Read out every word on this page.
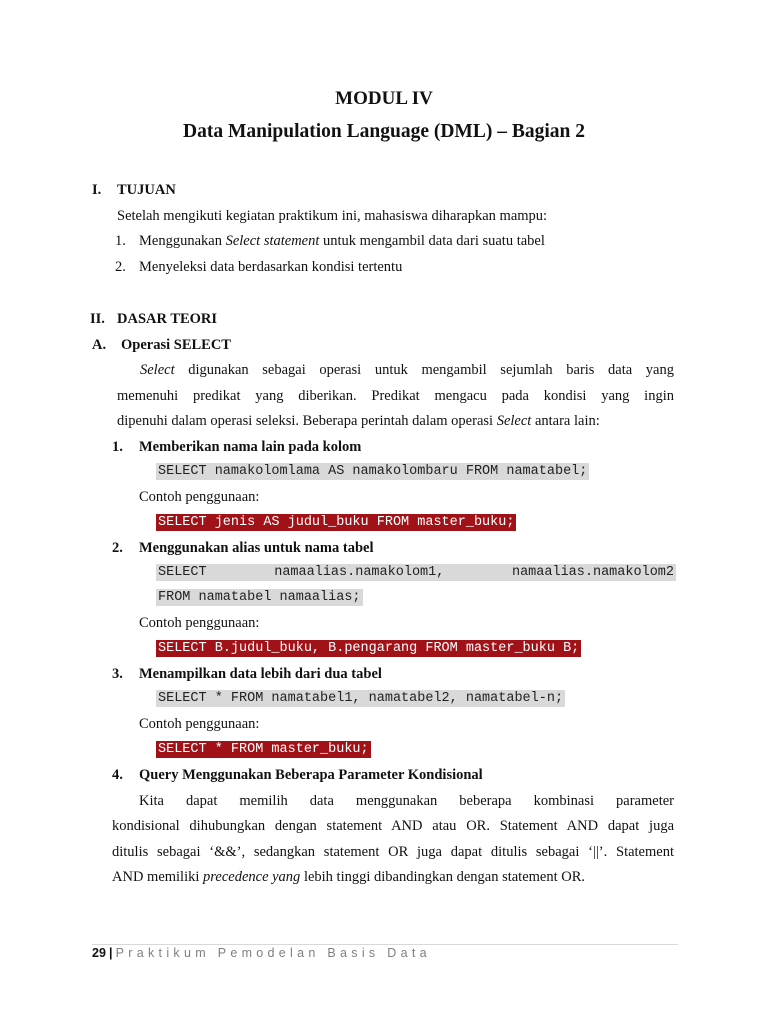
MODUL IV
Data Manipulation Language (DML) – Bagian 2
I. TUJUAN
Setelah mengikuti kegiatan praktikum ini, mahasiswa diharapkan mampu:
1. Menggunakan Select statement untuk mengambil data dari suatu tabel
2. Menyeleksi data berdasarkan kondisi tertentu
II. DASAR TEORI
A. Operasi SELECT
Select digunakan sebagai operasi untuk mengambil sejumlah baris data yang
memenuhi predikat yang diberikan. Predikat mengacu pada kondisi yang ingin
dipenuhi dalam operasi seleksi. Beberapa perintah dalam operasi Select antara lain:
1. Memberikan nama lain pada kolom
SELECT namakolomlama AS namakolombaru FROM namatabel;
Contoh penggunaan:
SELECT jenis AS judul_buku FROM master_buku;
2. Menggunakan alias untuk nama tabel
SELECT	namaalias.namakolom1,	namaalias.namakolom2
FROM namatabel namaalias;
Contoh penggunaan:
SELECT B.judul_buku, B.pengarang FROM master_buku B;
3. Menampilkan data lebih dari dua tabel
SELECT * FROM namatabel1, namatabel2, namatabel-n;
Contoh penggunaan:
SELECT * FROM master_buku;
4. Query Menggunakan Beberapa Parameter Kondisional
Kita dapat memilih data menggunakan beberapa kombinasi parameter
kondisional dihubungkan dengan statement AND atau OR. Statement AND dapat juga
ditulis sebagai ‘&&’, sedangkan statement OR juga dapat ditulis sebagai ‘||’. Statement
AND memiliki precedence yang lebih tinggi dibandingkan dengan statement OR.
29 | Praktikum Pemodelan Basis Data
